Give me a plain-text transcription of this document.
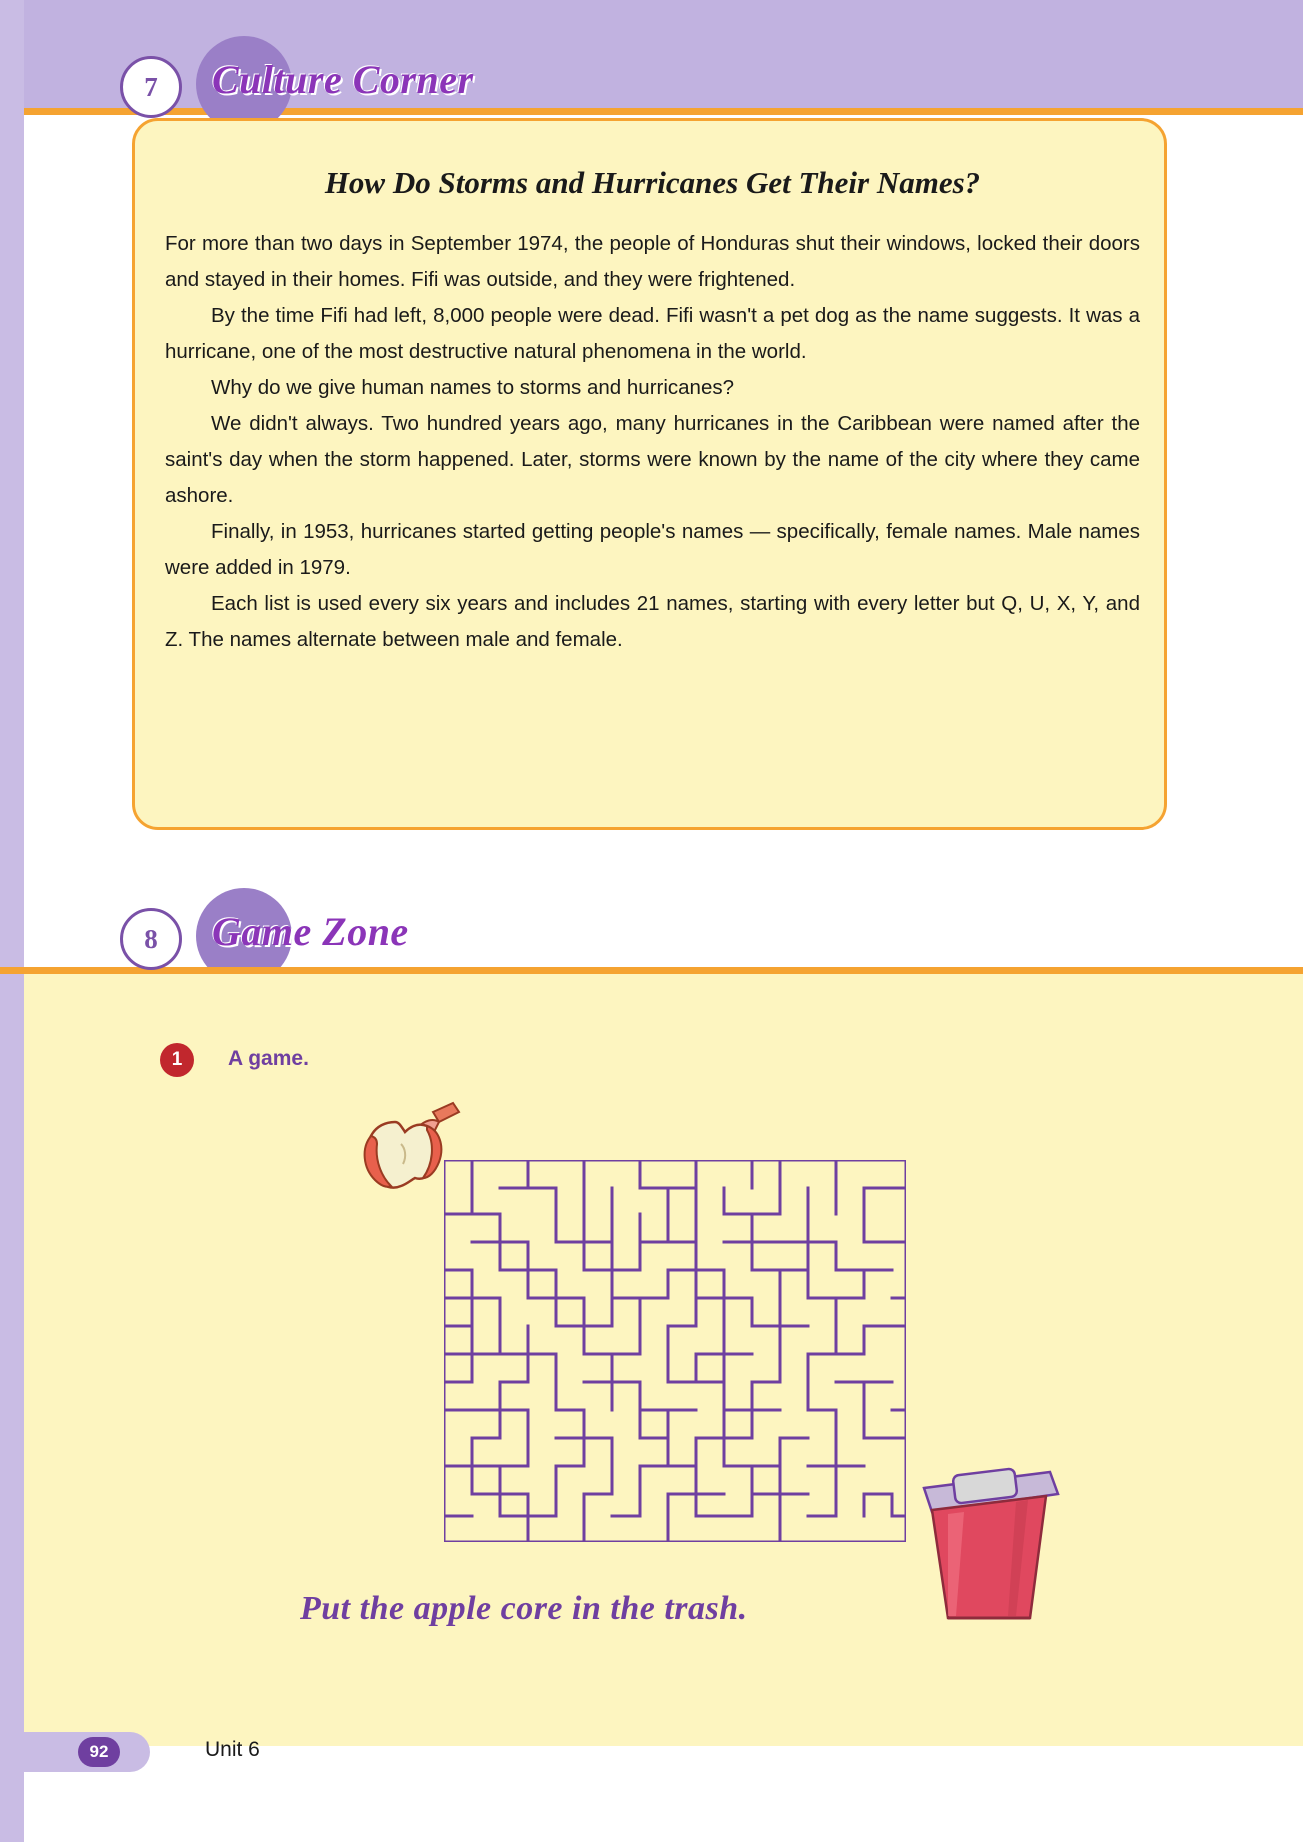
7	Culture Corner
How Do Storms and Hurricanes Get Their Names?

For more than two days in September 1974, the people of Honduras shut their windows, locked their doors and stayed in their homes. Fifi was outside, and they were frightened.

By the time Fifi had left, 8,000 people were dead. Fifi wasn't a pet dog as the name suggests. It was a hurricane, one of the most destructive natural phenomena in the world.

Why do we give human names to storms and hurricanes?

We didn't always. Two hundred years ago, many hurricanes in the Caribbean were named after the saint's day when the storm happened. Later, storms were known by the name of the city where they came ashore.

Finally, in 1953, hurricanes started getting people's names — specifically, female names. Male names were added in 1979.

Each list is used every six years and includes 21 names, starting with every letter but Q, U, X, Y, and Z. The names alternate between male and female.

8	Game Zone
1	A game.
Put the apple core in the trash.
92	Unit 6
